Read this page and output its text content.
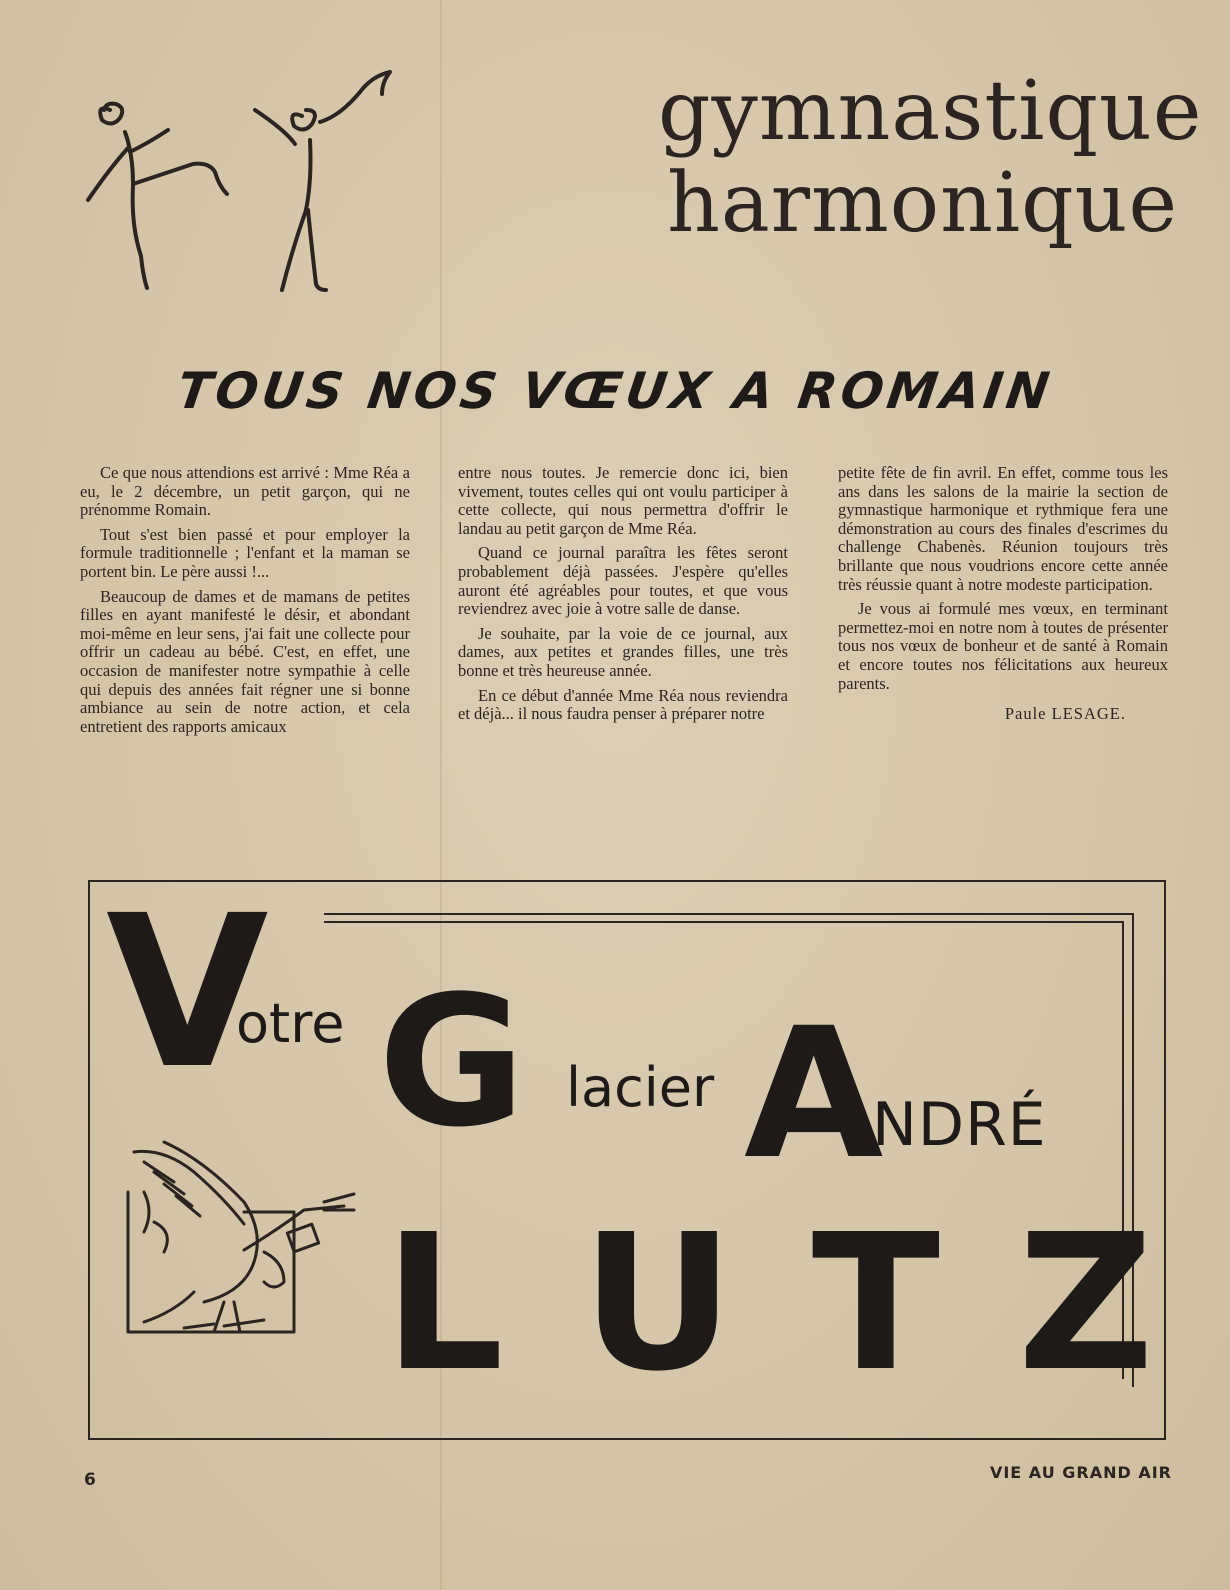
gymnastique
harmonique
TOUS NOS VŒUX A ROMAIN

Ce que nous attendions est arrivé : Mme Réa a eu, le 2 décembre, un petit garçon, qui ne prénomme Romain.

Tout s'est bien passé et pour employer la formule traditionnelle ; l'enfant et la maman se portent bin. Le père aussi !...

Beaucoup de dames et de mamans de petites filles en ayant manifesté le désir, et abondant moi-même en leur sens, j'ai fait une collecte pour offrir un cadeau au bébé. C'est, en effet, une occasion de manifester notre sympathie à celle qui depuis des années fait régner une si bonne ambiance au sein de notre action, et cela entretient des rapports amicaux

entre nous toutes. Je remercie donc ici, bien vivement, toutes celles qui ont voulu participer à cette collecte, qui nous permettra d'offrir le landau au petit garçon de Mme Réa.

Quand ce journal paraîtra les fêtes seront probablement déjà passées. J'espère qu'elles auront été agréables pour toutes, et que vous reviendrez avec joie à votre salle de danse.

Je souhaite, par la voie de ce journal, aux dames, aux petites et grandes filles, une très bonne et très heureuse année.

En ce début d'année Mme Réa nous reviendra et déjà... il nous faudra penser à préparer notre

petite fête de fin avril. En effet, comme tous les ans dans les salons de la mairie la section de gymnastique harmonique et rythmique fera une démonstration au cours des finales d'escrimes du challenge Chabenès. Réunion toujours très brillante que nous voudrions encore cette année très réussie quant à notre modeste participation.

Je vous ai formulé mes vœux, en terminant permettez-moi en notre nom à toutes de présenter tous nos vœux de bonheur et de santé à Romain et encore toutes nos félicitations aux heureux parents.

Paule LESAGE.
V
otre G lacier A
NDRÉ
L U T Z
6	VIE AU GRAND AIR
